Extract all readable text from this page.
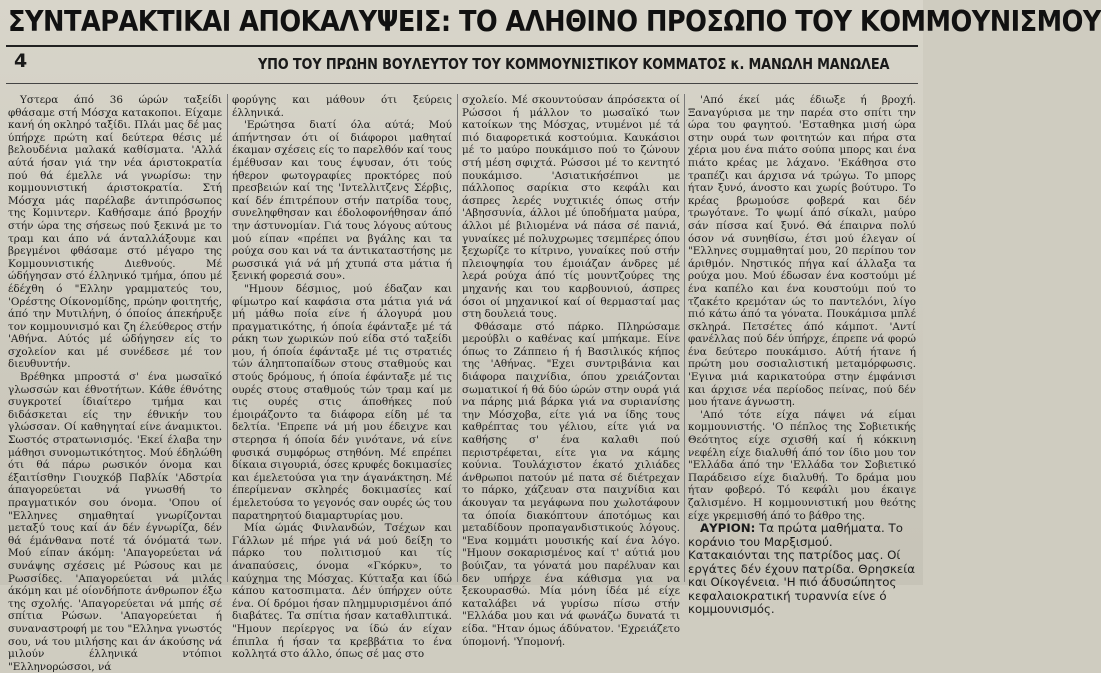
ΣΥΝΤΑΡΑΚΤΙΚΑΙ ΑΠΟΚΑΛΥΨΕΙΣ: ΤΟ ΑΛΗΘΙΝΟ ΠΡΟΣΩΠΟ ΤΟΥ ΚΟΜΜΟΥΝΙΣΜΟΥ
4	ΥΠΟ ΤΟΥ ΠΡΩΗΝ ΒΟΥΛΕΥΤΟΥ ΤΟΥ ΚΟΜΜΟΥΝΙΣΤΙΚΟΥ ΚΟΜΜΑΤΟΣ κ. ΜΑΝΩΛΗ ΜΑΝΩΛΕΑ

Υστερα άπό 36 ώρών ταξείδι φθάσαμε στή Μόσχα κατακοποι. Είχαμε κανή όη οκληρό ταξίδι. Πλάι μας δέ μας ύπήρχε πρώτη καί δεύτερα θέσις μέ βελουδένια μαλακά καθίσματα. 'Αλλά αύτά ήσαν γιά την νέα άριστοκρατία πού θά έμελλε νά γνωρίσω: την κομμουνιστική άριστοκρατία. Στή Μόσχα μάς παρέλαβε άντιπρόσωπος της Κομιντερν. Καθήσαμε άπό βροχήν στήν ώρα της σήσεως πού ξεκινά με το τραμ και άπο νά άνταλλάξουμε και βρεγμένοι φθάσαμε στό μέγαρο της Κομμουνιστικής Διεθνούς. Μέ ώδήγησαν στό έλληνικό τμήμα, όπου μέ έδέχθη ό "Ελλην γραμματεύς του, 'Ορέστης Οίκονομίδης, πρώην φοιτητής, άπό την Μυτιλήνη, ό όποίος άπεκήρυξε τον κομμουνισμό και ζη έλεύθερος στήν 'Αθήνα. Αύτός μέ ώδήγησεν είς το σχολείον και μέ συνέδεσε μέ τον διευθυντήν.

Βρέθηκα μπροστά σ' ένα μωσαϊκό γλωσσών και έθνοτήτων. Κάθε έθνότης συγκροτεί ίδιαίτερο τμήμα και διδάσκεται είς την έθνικήν του γλώσσαν. Οί καθηγηταί είνε άναμικτοι. Σωστός στρατωνισμός. 'Εκεί έλαβα την μάθησι συνομωτικότητος. Μού έδηλώθη ότι θά πάρω ρωσικόν όνομα και έξαιτίσθην Γιουχκόβ Παβλίκ 'Αδστρία άπαγορεύεται νά γνωσθή το πραγματικόν σου όνομα. 'Οπου οί "Ελληνες σημαθηταί γνωρίζονται μεταξύ τους καί άν δέν έγνωρίζα, δέν θά έμάνθανα ποτέ τά όνόματά των. Μού είπαν άκόμη: 'Απαγορεύεται νά συνάψης σχέσεις μέ Ρώσους και με Ρωσσίδες. 'Απαγορεύεται νά μιλάς άκόμη και μέ οίονδήποτε άνθρωπον έξω της σχολής. 'Απαγορεύεται νά μπής σέ σπίτια Ρώσων. 'Απαγορεύεται ή συναναστροφή με του "Ελληνα γνωστός σου, νά του μιλήσης και άν άκούσης νά μιλούν έλληνικά ντόπιοι "Ελληνορώσσοι, νά

φορύγης και μάθουν ότι ξεύρεις έλληνικά.

'Ερώτησα διατί όλα αύτά; Μού άπήντησαν ότι οί διάφοροι μαθηταί έκαμαν σχέσεις είς το παρελθόν καί τους έμέθυσαν και τους έψυσαν, ότι τούς ήθερον φωτογραφίες προκτόρες πού πρεσβειών καί της 'Ιντελλιτζενς Σέρβις, καί δέν έπιτρέπουν στήν πατρίδα τους, συνεληφθησαν και έδολοφονήθησαν άπό την άστυνομίαν. Γιά τους λόγους αύτους μού είπαν «πρέπει να βγάλης και τα ρούχα σου και νά τα άντικαταστήσης με ρωσσικά γιά νά μή χτυπά στα μάτια ή ξενική φορεσιά σου».

"Ημουν δέσμιος, μού έδαζαν και φίμωτρο καί καφάσια στα μάτια γιά νά μή μάθω ποία είνε ή άλογυρά μου πραγματικότης, ή όποία έφάνταξε μέ τά ράκη των χωρικών πού είδα στό ταξείδι μου, ή όποία έφάνταξε μέ τις στρατιές τών άληπτοπαίδων στους σταθμούς και στούς δρόμους, ή όποία έφάνταξε μέ τις ουρές στους σταθμούς τών τραμ καί με τις ουρές στις άποθήκες πού έμοιράζοντο τα διάφορα είδη μέ τα δελτία. 'Επρεπε νά μή μου έδειχνε και στερησα ή όποία δέν γινότανε, νά είνε φυσικά συμφόρως στηθόνη. Μέ επρέπει δίκαια σιγουριά, όσες κρυφές δοκιμασίες και έμελετούσα για την άγανάκτηση. Μέ έπερίμεναν σκληρές δοκιμασίες καί έμελετούσα το γεγονός σαν ουρές ώς του παρατηρητού διαμαρτυρίας μου.

Μία ώμάς Φινλανδών, Τσέχων και Γάλλων μέ πήρε γιά νά μού δείξη το πάρκο του πολιτισμού και τίς άναπαύσεις, όνομα «Γκόρκυ», το καύχημα της Μόσχας. Κύτταξα και ίδώ κάπου κατοσπιματα. Δέν ύπήρχεν ούτε ένα. Οί δρόμοι ήσαν πλημμυρισμένοι άπό διαβάτες. Τα σπίτια ήσαν καταθλιπτικά. "Ημουν περίεργος να ίδώ άν είχαν έπιπλα ή ήσαν τα κρεββάτια το ένα κολλητά στο άλλο, όπως σέ μας στο

σχολείο. Μέ σκουντούσαν άπρόσεκτα οί Ρώσσοι ή μάλλον το μωσαϊκό των κατοίκων της Μόσχας, ντυμένοι μέ τά πιό διαφορετικά κοστούμια. Καυκάσιοι μέ το μαύρο πουκάμισο πού το ζώνουν στή μέση σφιχτά. Ρώσσοι μέ το κεντητό πουκάμισο. 'Ασιατικήσέπνοι με πάλλοπος σαρίκια στο κεφάλι και άσπρες λερές νυχτικιές όπως στήν 'Αβησσυνία, άλλοι μέ ύποδήματα μαύρα, άλλοι μέ βιλιομένα νά πάσα σέ πανιά, γυναίκες μέ πολυχρωμες τσεμπέρες όπου ξεχωρίζε το κίτρινο, γυναίκες πού στήν πλειοψηφία του έμοιάζαν άνδρες μέ λερά ρούχα άπό τίς μουντζούρες της μηχανής και του καρβουνιού, άσπρες όσοι οί μηχανικοί καί οί θερμασταί μας στη δουλειά τους.

Φθάσαμε στό πάρκο. Πληρώσαμε μερούβλι ο καθένας καί μπήκαμε. Είνε όπως το Ζάππειο ή ή Βασιλικός κήπος της 'Αθήνας. "Εχει συντριβάνια και διάφορα παιχνίδια, όπου χρειάζονται σωματικοί ή θά δύο ώρών στην ουρά γιά να πάρης μιά βάρκα γιά να συριανίσης την Μόσχοβα, είτε γιά να ίδης τους καθρέπτας του γέλιου, είτε γιά να καθήσης σ' ένα καλαθι πού περιστρέφεται, είτε για να κάμης κούνια. Τουλάχιστον έκατό χιλιάδες άνθρωποι πατούν μέ πατα σέ διέτρεχαν το πάρκο, χάζευαν στα παιχνίδια και άκουγαν τα μεγάφωνα που χωλοτάφουν τα όποία διακόπτουν άποτόμως και μεταδίδουν προπαγανδιστικούς λόγους. "Ενα κομμάτι μουσικής καί ένα λόγο. "Ημουν σοκαρισμένος καί τ' αύτιά μου βούιζαν, τα γόνατά μου παρέλυαν και δεν υπήρχε ένα κάθισμα για να ξεκουρασθώ. Μία μόνη ίδέα μέ είχε καταλάβει νά γυρίσω πίσω στήν "Ελλάδα μου και νά φωνάζω δυνατά τι είδα. "Ηταν όμως άδύνατον. 'Εχρειάζετο ύπομονή. 'Υπομονή.

'Από έκεί μάς έδιωξε ή βροχή. Ξαναγύρισα με την παρέα στο σπίτι την ώρα του φαγητού. 'Εσταθηκα μισή ώρα στην ουρά των φοιτητών και πήρα στα χέρια μου ένα πιάτο σούπα μπορς και ένα πιάτο κρέας με λάχανο. 'Εκάθησα στο τραπέζι και άρχισα νά τρώγω. Το μπορς ήταν ξυνό, άνοστο και χωρίς βούτυρο. Το κρέας βρωμούσε φοβερά και δέν τρωγότανε. Το ψωμί άπό σίκαλι, μαύρο σάν πίσσα καί ξυνό. Θά έπαιρνα πολύ όσον νά συνηθίσω, έτσι μού έλεγαν οί "Ελληνες συμμαθηταί μου, 20 περίπου τον άριθμόν. Νηστικός πήγα καί άλλαξα τα ρούχα μου. Μού έδωσαν ένα κοστούμι μέ ένα καπέλο και ένα κουστούμι πού το τζακέτο κρεμόταν ώς το παντελόνι, λίγο πιό κάτω άπό τα γόνατα. Πουκάμισα μπλέ σκληρά. Πετσέτες άπό κάμποτ. 'Αντί φανέλλας πού δέν ύπήρχε, έπρεπε νά φορώ ένα δεύτερο πουκάμισο. Αύτή ήτανε ή πρώτη μου σοσιαλιστική μεταμόρφωσις. 'Εγινα μιά καρικατούρα στην έμφάνισι και άρχισε νέα περίοδος πείνας, πού δέν μου ήτανε άγνωστη.

'Από τότε είχα πάψει νά είμαι κομμουνιστής. 'Ο πέπλος της Σοβιετικής Θεότητος είχε σχισθή καί ή κόκκινη νεφέλη είχε διαλυθή άπό τον ίδιο μου τον "Ελλάδα άπό την 'Ελλάδα τον Σοβιετικό Παράδεισο είχε διαλυθή. Το δράμα μου ήταν φοβερό. Τό κεφάλι μου έκαιγε ζαλισμένο. Η κομμουνιστική μου θεότης είχε γκρεμισθή άπό το βάθρο της.

ΑΥΡΙΟΝ: Τα πρώτα μαθήματα. Το κοράνιο του Μαρξισμού. Κατακαιόνται της πατρίδος μας. Οί εργάτες δέν έχουν πατρίδα. Θρησκεία και Οίκογένεια. 'Η πιό άδυσώπητος κεφαλαιοκρατική τυραννία είνε ό κομμουνισμός.
